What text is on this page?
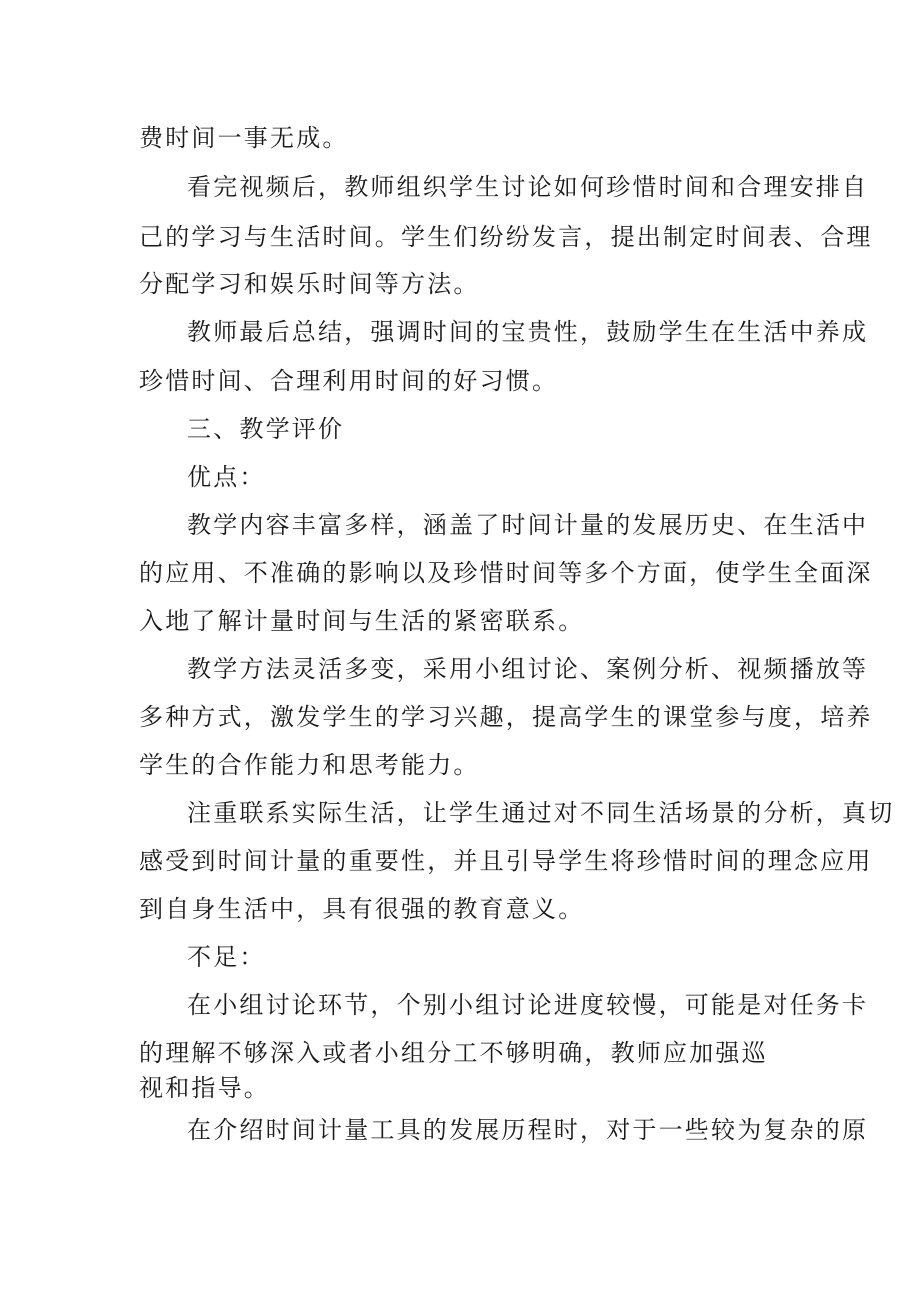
费时间一事无成。

看完视频后，教师组织学生讨论如何珍惜时间和合理安排自

己的学习与生活时间。学生们纷纷发言，提出制定时间表、合理

分配学习和娱乐时间等方法。

教师最后总结，强调时间的宝贵性，鼓励学生在生活中养成

珍惜时间、合理利用时间的好习惯。

三、教学评价

优点：

教学内容丰富多样，涵盖了时间计量的发展历史、在生活中

的应用、不准确的影响以及珍惜时间等多个方面，使学生全面深

入地了解计量时间与生活的紧密联系。

教学方法灵活多变，采用小组讨论、案例分析、视频播放等

多种方式，激发学生的学习兴趣，提高学生的课堂参与度，培养

学生的合作能力和思考能力。

注重联系实际生活，让学生通过对不同生活场景的分析，真切

感受到时间计量的重要性，并且引导学生将珍惜时间的理念应用

到自身生活中，具有很强的教育意义。

不足：

在小组讨论环节，个别小组讨论进度较慢，可能是对任务卡

的理解不够深入或者小组分工不够明确，教师应加强巡

视和指导。

在介绍时间计量工具的发展历程时，对于一些较为复杂的原
